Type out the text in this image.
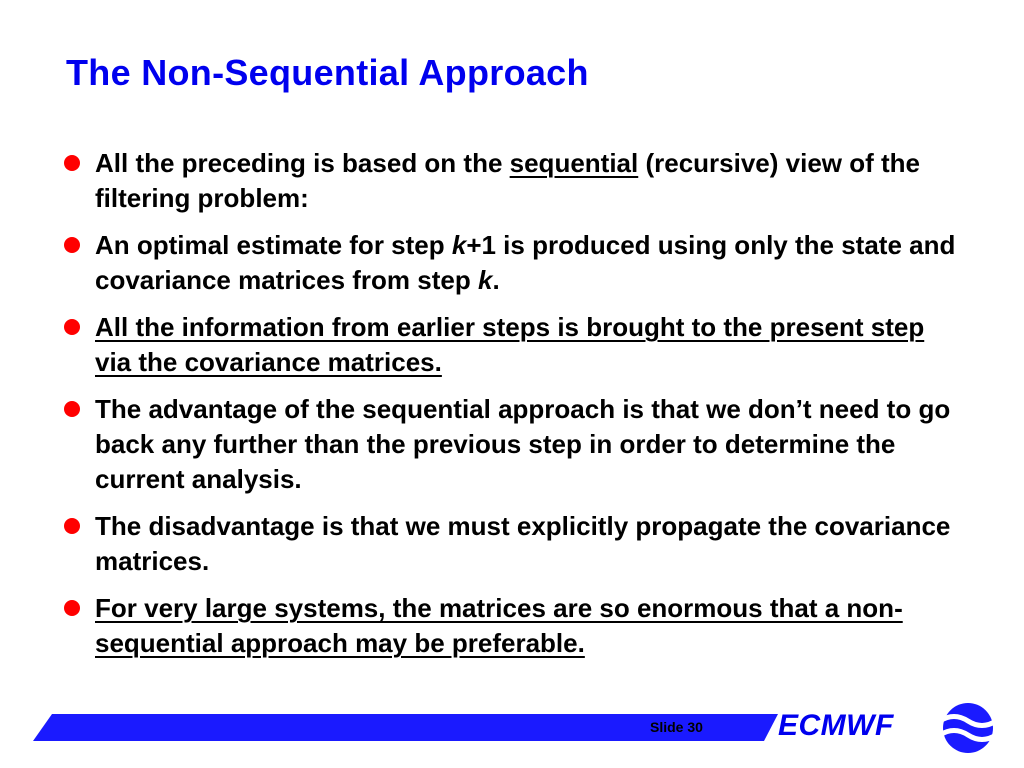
The Non-Sequential Approach
All the preceding is based on the sequential (recursive) view of the filtering problem:
An optimal estimate for step k+1 is produced using only the state and covariance matrices from step k.
All the information from earlier steps is brought to the present step via the covariance matrices.
The advantage of the sequential approach is that we don’t need to go back any further than the previous step in order to determine the current analysis.
The disadvantage is that we must explicitly propagate the covariance matrices.
For very large systems, the matrices are so enormous that a non-sequential approach may be preferable.
Slide 30	ECMWF
